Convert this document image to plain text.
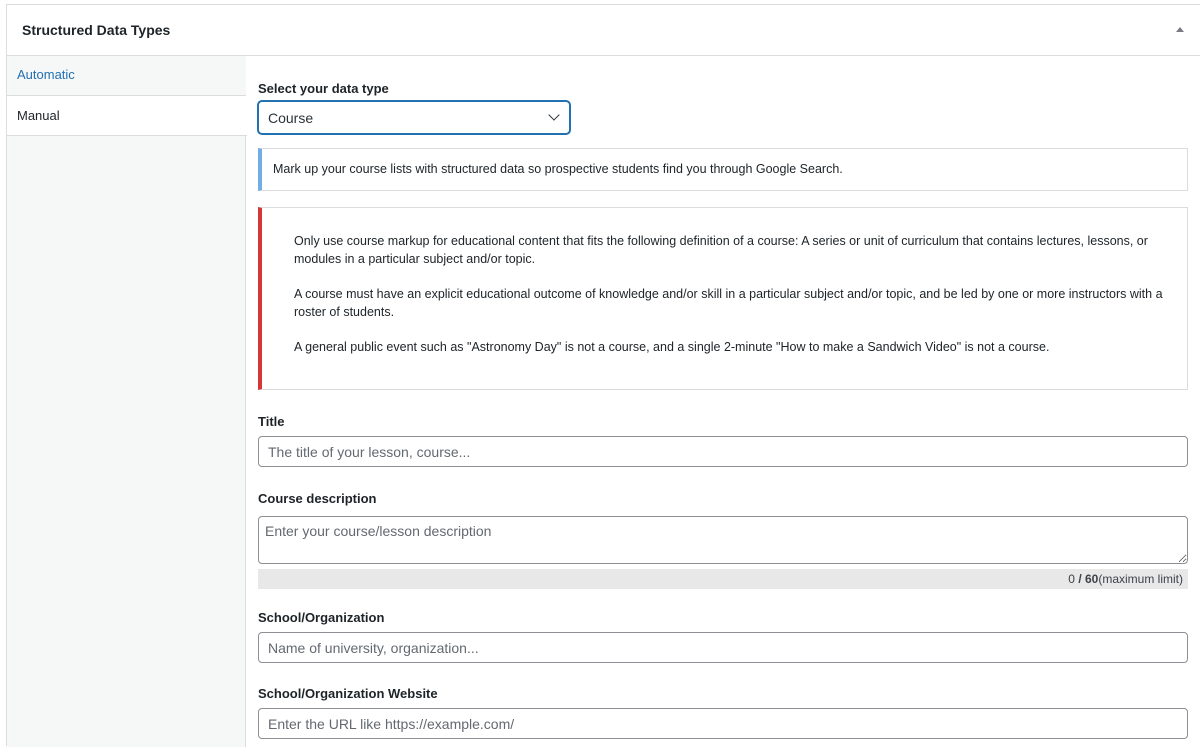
Structured Data Types
Automatic
Manual
Select your data type
Course

Mark up your course lists with structured data so prospective students find you through Google Search.

Only use course markup for educational content that fits the following definition of a course: A series or unit of curriculum that contains lectures, lessons, or modules in a particular subject and/or topic.

A course must have an explicit educational outcome of knowledge and/or skill in a particular subject and/or topic, and be led by one or more instructors with a roster of students.

A general public event such as "Astronomy Day" is not a course, and a single 2-minute "How to make a Sandwich Video" is not a course.

Title
The title of your lesson, course...
Course description
Enter your course/lesson description
0 / 60(maximum limit)
School/Organization
Name of university, organization...
School/Organization Website
Enter the URL like https://example.com/
